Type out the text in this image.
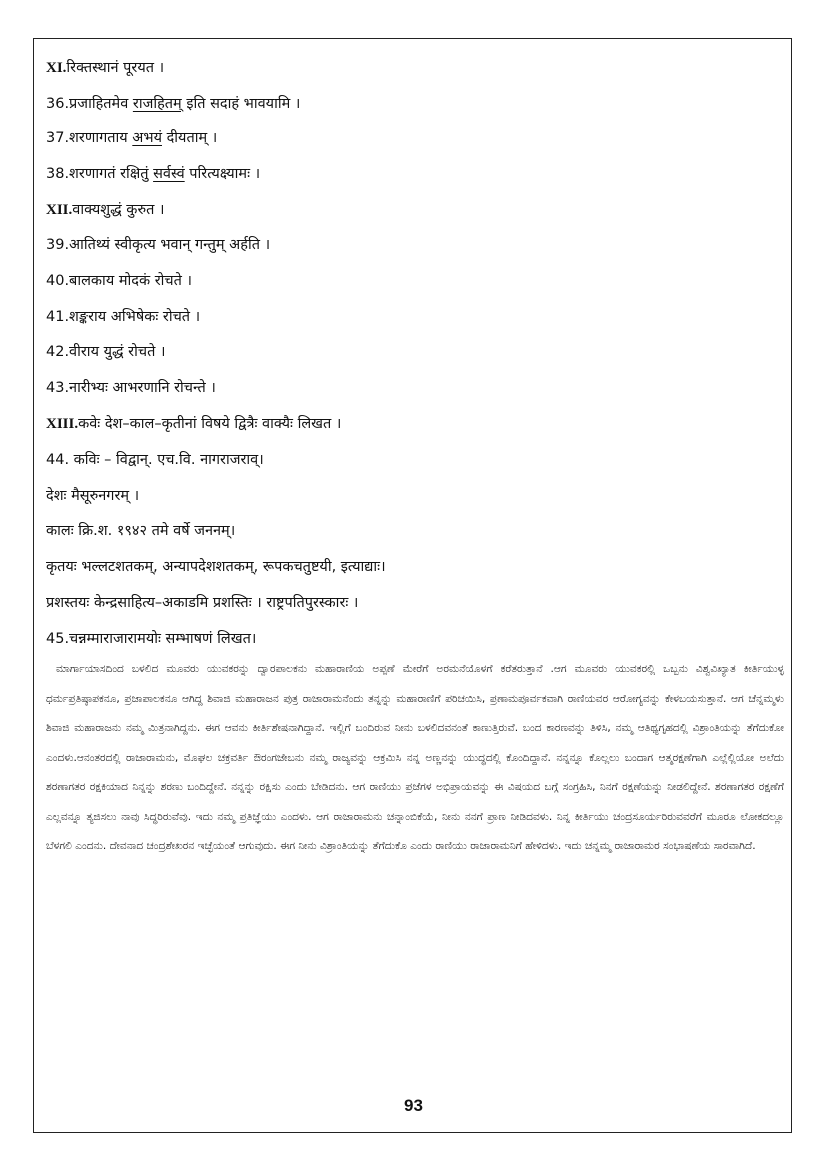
XI.रिक्तस्थानं पूरयत ।
36.प्रजाहितमेव राजहितम् इति सदाहं भावयामि ।
37.शरणागताय अभयं दीयताम् ।
38.शरणागतं रक्षितुं सर्वस्वं परित्यक्ष्यामः ।
XII.वाक्यशुद्धं कुरुत ।
39.आतिथ्यं स्वीकृत्य भवान् गन्तुम् अर्हति ।
40.बालकाय मोदकं रोचते ।
41.शङ्कराय अभिषेकः रोचते ।
42.वीराय युद्धं रोचते ।
43.नारीभ्यः आभरणानि रोचन्ते ।
XIII.कवेः देश–काल–कृतीनां विषये द्वित्रैः वाक्यैः लिखत ।
44. कविः – विद्वान्. एच.वि. नागराजराव्।
देशः मैसूरुनगरम् ।
कालः क्रि.श. १९४२ तमे वर्षे जननम्।
कृतयः भल्लटशतकम्, अन्यापदेशशतकम्, रूपकचतुष्टयी, इत्याद्याः।
प्रशस्तयः केन्द्रसाहित्य–अकाडमि प्रशस्तिः । राष्ट्रपतिपुरस्कारः ।
45.चन्नम्माराजारामयोः सम्भाषणं लिखत।

ಮಾರ್ಗಾಯಾಸದಿಂದ ಬಳಲಿದ ಮೂವರು ಯುವಕರನ್ನು ದ್ವಾರಪಾಲಕನು ಮಹಾರಾಣಿಯ ಅಪ್ಪಣೆ ಮೇರೆಗೆ ಅರಮನೆಯೊಳಗೆ ಕರೆತರುತ್ತಾನೆ .ಆಗ ಮೂವರು ಯುವಕರಲ್ಲಿ ಒಬ್ಬನು ವಿಶ್ವವಿಖ್ಯಾತ ಕೀರ್ತಿಯುಳ್ಳ ಧರ್ಮಪ್ರತಿಷ್ಠಾಪಕನೂ, ಪ್ರಜಾಪಾಲಕನೂ ಆಗಿದ್ದ ಶಿವಾಜಿ ಮಹಾರಾಜನ ಪುತ್ರ ರಾಜಾರಾಮನೆಂದು ತನ್ನನ್ನು ಮಹಾರಾಣಿಗೆ ಪರಿಚಯಿಸಿ, ಪ್ರಣಾಮಪೂರ್ವಕವಾಗಿ ರಾಣಿಯವರ ಆರೋಗ್ಯವನ್ನು ಕೇಳಬಯಸುತ್ತಾನೆ. ಆಗ ಚೆನ್ನಮ್ಮಳು ಶಿವಾಜಿ ಮಹಾರಾಜನು ನಮ್ಮ ಮಿತ್ರನಾಗಿದ್ದನು. ಈಗ ಆವನು ಕೀರ್ತಿಶೇಷನಾಗಿದ್ದಾನೆ. ಇಲ್ಲಿಗೆ ಬಂದಿರುವ ನೀನು ಬಳಲಿದವನಂತೆ ಕಾಣುತ್ತಿರುವೆ. ಬಂದ ಕಾರಣವನ್ನು ತಿಳಿಸಿ, ನಮ್ಮ ಆತಿಥ್ಯಗೃಹದಲ್ಲಿ ವಿಶ್ರಾಂತಿಯನ್ನು ತೆಗೆದುಕೋ ಎಂದಳು.ಆನಂತರದಲ್ಲಿ ರಾಜಾರಾಮನು, ಮೊಘಲ ಚಕ್ರವರ್ತಿ ಔರಂಗಜೇಬನು ನಮ್ಮ ರಾಜ್ಯವನ್ನು ಆಕ್ರಮಿಸಿ ನನ್ನ ಅಣ್ಣನನ್ನು ಯುದ್ಧದಲ್ಲಿ ಕೊಂದಿದ್ದಾನೆ. ನನ್ನನ್ನೂ ಕೊಲ್ಲಲು ಬಂದಾಗ ಆತ್ಮರಕ್ಷಣೆಗಾಗಿ ಎಲ್ಲೆಲ್ಲಿಯೋ ಅಲೆದು ಶರಣಾಗತರ ರಕ್ಷಕಿಯಾದ ನಿನ್ನನ್ನು ಶರಣು ಬಂದಿದ್ದೇನೆ. ನನ್ನನ್ನು ರಕ್ಷಿಸು ಎಂದು ಬೇಡಿದನು. ಆಗ ರಾಣಿಯು ಪ್ರಜೆಗಳ ಅಭಿಪ್ರಾಯವನ್ನು ಈ ವಿಷಯದ ಬಗ್ಗೆ ಸಂಗ್ರಹಿಸಿ, ನಿನಗೆ ರಕ್ಷಣೆಯನ್ನು ನೀಡಲಿದ್ದೇನೆ. ಶರಣಾಗತರ ರಕ್ಷಣೆಗೆ ಎಲ್ಲವನ್ನೂ ತ್ಯಜಿಸಲು ನಾವು ಸಿದ್ಧರಿರುವೆವು. ಇದು ನಮ್ಮ ಪ್ರತಿಜ್ಞೆಯು ಎಂದಳು. ಆಗ ರಾಜಾರಾಮನು ಚನ್ನಾಂಬಿಕೆಯೆ, ನೀನು ನನಗೆ ಪ್ರಾಣ ನೀಡಿದವಳು. ನಿನ್ನ ಕೀರ್ತಿಯು ಚಂದ್ರಸೂರ್ಯರಿರುವವರೆಗೆ ಮೂರೂ ಲೋಕದಲ್ಲೂ ಬೆಳಗಲಿ ಎಂದನು. ದೇವನಾದ ಚಂದ್ರಶೇಖರನ ಇಚ್ಛೆಯಂತೆ ಆಗುವುದು. ಈಗ ನೀನು ವಿಶ್ರಾಂತಿಯನ್ನು ತೆಗೆದುಕೊ ಎಂದು ರಾಣಿಯು ರಾಜಾರಾಮನಿಗೆ ಹೇಳಿದಳು. ಇದು ಚನ್ನಮ್ಮ ರಾಜಾರಾಮರ ಸಂಭಾಷಣೆಯ ಸಾರವಾಗಿದೆ.

93
